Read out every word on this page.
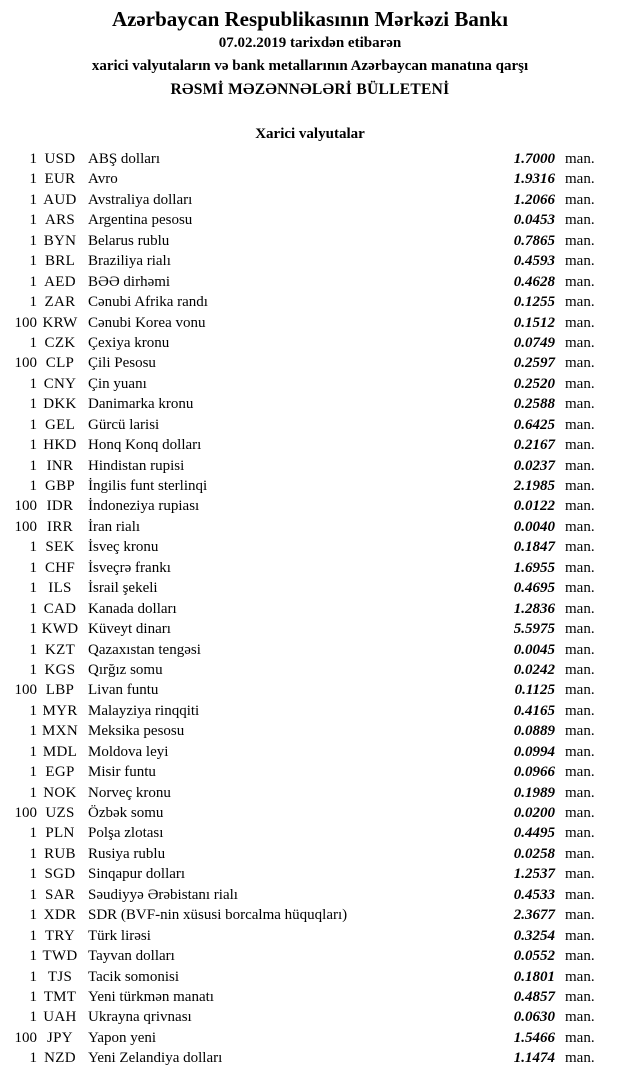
Azərbaycan Respublikasının Mərkəzi Bankı
07.02.2019 tarixdən etibarən
xarici valyutaların və bank metallarının Azərbaycan manatına qarşı
RƏSMİ MƏZƏNNƏLƏRİ BÜLLETENİ
Xarici valyutalar
1 USD ABŞ dolları	1.7000 man.
1 EUR Avro	1.9316 man.
1 AUD Avstraliya dolları	1.2066 man.
1 ARS Argentina pesosu	0.0453 man.
1 BYN Belarus rublu	0.7865 man.
1 BRL Braziliya rialı	0.4593 man.
1 AED BƏƏ dirhəmi	0.4628 man.
1 ZAR Cənubi Afrika randı	0.1255 man.
100 KRW Cənubi Korea vonu	0.1512 man.
1 CZK Çexiya kronu	0.0749 man.
100 CLP Çili Pesosu	0.2597 man.
1 CNY Çin yuanı	0.2520 man.
1 DKK Danimarka kronu	0.2588 man.
1 GEL Gürcü larisi	0.6425 man.
1 HKD Honq Konq dolları	0.2167 man.
1 INR Hindistan rupisi	0.0237 man.
1 GBP İngilis funt sterlinqi	2.1985 man.
100 IDR İndoneziya rupiası	0.0122 man.
100 IRR	İran rialı	0.0040 man.
1 SEK İsveç kronu	0.1847 man.
1 CHF İsveçrə frankı	1.6955 man.
1 ILS	İsrail şekeli	0.4695 man.
1 CAD Kanada dolları	1.2836 man.
1 KWD Küveyt dinarı	5.5975 man.
1 KZT Qazaxıstan tengəsi	0.0045 man.
1 KGS Qırğız somu	0.0242 man.
100 LBP Livan funtu	0.1125 man.
1 MYR Malayziya rinqqiti	0.4165 man.
1 MXN Meksika pesosu	0.0889 man.
1 MDL Moldova leyi	0.0994 man.
1 EGP Misir funtu	0.0966 man.
1 NOK Norveç kronu	0.1989 man.
100 UZS Özbək somu	0.0200 man.
1 PLN Polşa zlotası	0.4495 man.
1 RUB Rusiya rublu	0.0258 man.
1 SGD Sinqapur dolları	1.2537 man.
1 SAR Səudiyyə Ərəbistanı rialı	0.4533 man.
1 XDR SDR (BVF-nin xüsusi borcalma hüquqları)	2.3677 man.
1 TRY Türk lirəsi	0.3254 man.
1 TWD Tayvan dolları	0.0552 man.
1 TJS	Tacik somonisi	0.1801 man.
1 TMT Yeni türkmən manatı	0.4857 man.
1 UAH Ukrayna qrivnası	0.0630 man.
100 JPY	Yapon yeni	1.5466 man.
1 NZD Yeni Zelandiya dolları	1.1474 man.
